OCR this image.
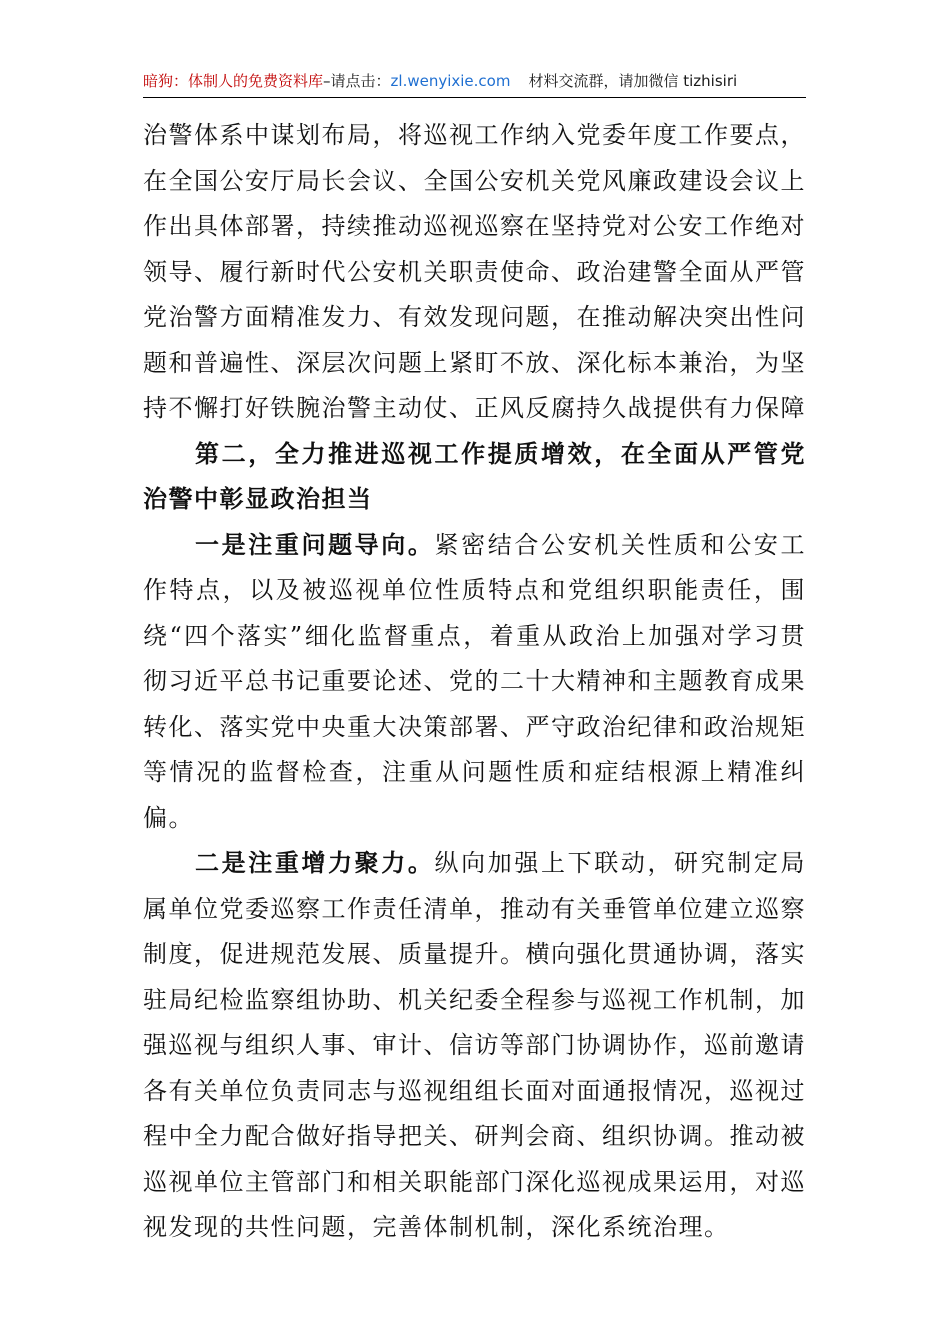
暗狗：体制人的免费资料库–请点击：zl.wenyixie.com 材料交流群，请加微信 tizhisiri

治警体系中谋划布局，将巡视工作纳入党委年度工作要点，在全国公安厅局长会议、全国公安机关党风廉政建设会议上作出具体部署，持续推动巡视巡察在坚持党对公安工作绝对领导、履行新时代公安机关职责使命、政治建警全面从严管党治警方面精准发力、有效发现问题，在推动解决突出性问题和普遍性、深层次问题上紧盯不放、深化标本兼治，为坚持不懈打好铁腕治警主动仗、正风反腐持久战提供有力保障

第二，全力推进巡视工作提质增效，在全面从严管党治警中彰显政治担当

一是注重问题导向。紧密结合公安机关性质和公安工作特点，以及被巡视单位性质特点和党组织职能责任，围绕“四个落实”细化监督重点，着重从政治上加强对学习贯彻习近平总书记重要论述、党的二十大精神和主题教育成果转化、落实党中央重大决策部署、严守政治纪律和政治规矩等情况的监督检查，注重从问题性质和症结根源上精准纠偏。

二是注重增力聚力。纵向加强上下联动，研究制定局属单位党委巡察工作责任清单，推动有关垂管单位建立巡察制度，促进规范发展、质量提升。横向强化贯通协调，落实驻局纪检监察组协助、机关纪委全程参与巡视工作机制，加强巡视与组织人事、审计、信访等部门协调协作，巡前邀请各有关单位负责同志与巡视组组长面对面通报情况，巡视过程中全力配合做好指导把关、研判会商、组织协调。推动被巡视单位主管部门和相关职能部门深化巡视成果运用，对巡视发现的共性问题，完善体制机制，深化系统治理。
